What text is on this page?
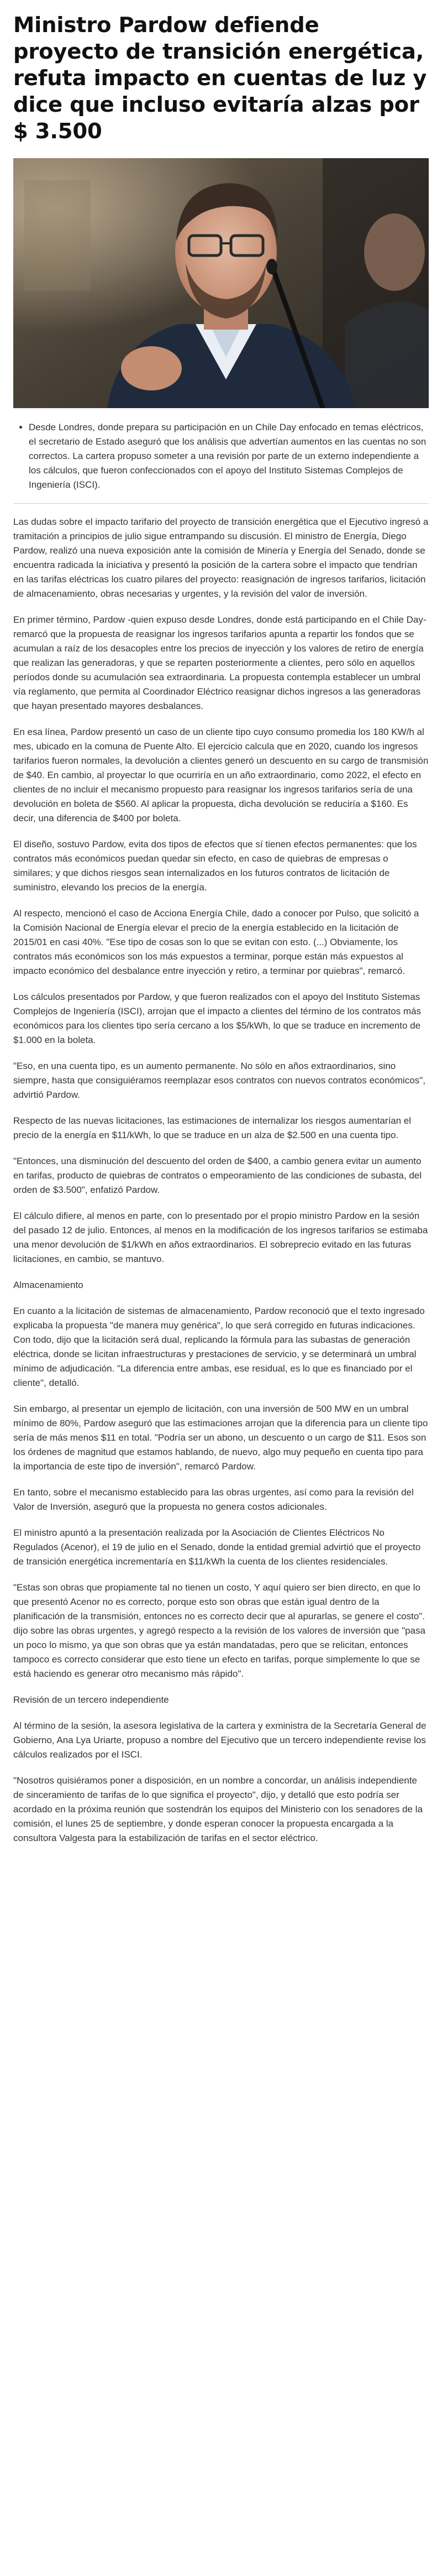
Ministro Pardow defiende proyecto de transición energética, refuta impacto en cuentas de luz y dice que incluso evitaría alzas por $ 3.500
• Desde Londres, donde prepara su participación en un Chile Day enfocado en temas eléctricos, el secretario de Estado aseguró que los análisis que advertían aumentos en las cuentas no son correctos. La cartera propuso someter a una revisión por parte de un externo independiente a los cálculos, que fueron confeccionados con el apoyo del Instituto Sistemas Complejos de Ingeniería (ISCI).

Las dudas sobre el impacto tarifario del proyecto de transición energética que el Ejecutivo ingresó a tramitación a principios de julio sigue entrampando su discusión. El ministro de Energía, Diego Pardow, realizó una nueva exposición ante la comisión de Minería y Energía del Senado, donde se encuentra radicada la iniciativa y presentó la posición de la cartera sobre el impacto que tendrían en las tarifas eléctricas los cuatro pilares del proyecto: reasignación de ingresos tarifarios, licitación de almacenamiento, obras necesarias y urgentes, y la revisión del valor de inversión.

En primer término, Pardow -quien expuso desde Londres, donde está participando en el Chile Day- remarcó que la propuesta de reasignar los ingresos tarifarios apunta a repartir los fondos que se acumulan a raíz de los desacoples entre los precios de inyección y los valores de retiro de energía que realizan las generadoras, y que se reparten posteriormente a clientes, pero sólo en aquellos períodos donde su acumulación sea extraordinaria. La propuesta contempla establecer un umbral vía reglamento, que permita al Coordinador Eléctrico reasignar dichos ingresos a las generadoras que hayan presentado mayores desbalances.

En esa línea, Pardow presentó un caso de un cliente tipo cuyo consumo promedia los 180 KW/h al mes, ubicado en la comuna de Puente Alto. El ejercicio calcula que en 2020, cuando los ingresos tarifarios fueron normales, la devolución a clientes generó un descuento en su cargo de transmisión de $40. En cambio, al proyectar lo que ocurriría en un año extraordinario, como 2022, el efecto en clientes de no incluir el mecanismo propuesto para reasignar los ingresos tarifarios sería de una devolución en boleta de $560. Al aplicar la propuesta, dicha devolución se reduciría a $160. Es decir, una diferencia de $400 por boleta.

El diseño, sostuvo Pardow, evita dos tipos de efectos que sí tienen efectos permanentes: que los contratos más económicos puedan quedar sin efecto, en caso de quiebras de empresas o similares; y que dichos riesgos sean internalizados en los futuros contratos de licitación de suministro, elevando los precios de la energía.

Al respecto, mencionó el caso de Acciona Energía Chile, dado a conocer por Pulso, que solicitó a la Comisión Nacional de Energía elevar el precio de la energía establecido en la licitación de 2015/01 en casi 40%. "Ese tipo de cosas son lo que se evitan con esto. (...) Obviamente, los contratos más económicos son los más expuestos a terminar, porque están más expuestos al impacto económico del desbalance entre inyección y retiro, a terminar por quiebras", remarcó.

Los cálculos presentados por Pardow, y que fueron realizados con el apoyo del Instituto Sistemas Complejos de Ingeniería (ISCI), arrojan que el impacto a clientes del término de los contratos más económicos para los clientes tipo sería cercano a los $5/kWh, lo que se traduce en incremento de $1.000 en la boleta.

"Eso, en una cuenta tipo, es un aumento permanente. No sólo en años extraordinarios, sino siempre, hasta que consiguiéramos reemplazar esos contratos con nuevos contratos económicos", advirtió Pardow.

Respecto de las nuevas licitaciones, las estimaciones de internalizar los riesgos aumentarían el precio de la energía en $11/kWh, lo que se traduce en un alza de $2.500 en una cuenta tipo.

"Entonces, una disminución del descuento del orden de $400, a cambio genera evitar un aumento en tarifas, producto de quiebras de contratos o empeoramiento de las condiciones de subasta, del orden de $3.500", enfatizó Pardow.

El cálculo difiere, al menos en parte, con lo presentado por el propio ministro Pardow en la sesión del pasado 12 de julio. Entonces, al menos en la modificación de los ingresos tarifarios se estimaba una menor devolución de $1/kWh en años extraordinarios. El sobreprecio evitado en las futuras licitaciones, en cambio, se mantuvo.

Almacenamiento

En cuanto a la licitación de sistemas de almacenamiento, Pardow reconoció que el texto ingresado explicaba la propuesta "de manera muy genérica", lo que será corregido en futuras indicaciones. Con todo, dijo que la licitación será dual, replicando la fórmula para las subastas de generación eléctrica, donde se licitan infraestructuras y prestaciones de servicio, y se determinará un umbral mínimo de adjudicación. "La diferencia entre ambas, ese residual, es lo que es financiado por el cliente", detalló.

Sin embargo, al presentar un ejemplo de licitación, con una inversión de 500 MW en un umbral mínimo de 80%, Pardow aseguró que las estimaciones arrojan que la diferencia para un cliente tipo sería de más menos $11 en total. "Podría ser un abono, un descuento o un cargo de $11. Esos son los órdenes de magnitud que estamos hablando, de nuevo, algo muy pequeño en cuenta tipo para la importancia de este tipo de inversión", remarcó Pardow.

En tanto, sobre el mecanismo establecido para las obras urgentes, así como para la revisión del Valor de Inversión, aseguró que la propuesta no genera costos adicionales.

El ministro apuntó a la presentación realizada por la Asociación de Clientes Eléctricos No Regulados (Acenor), el 19 de julio en el Senado, donde la entidad gremial advirtió que el proyecto de transición energética incrementaría en $11/kWh la cuenta de los clientes residenciales.

"Estas son obras que propiamente tal no tienen un costo, Y aquí quiero ser bien directo, en que lo que presentó Acenor no es correcto, porque esto son obras que están igual dentro de la planificación de la transmisión, entonces no es correcto decir que al apurarlas, se genere el costo". dijo sobre las obras urgentes, y agregó respecto a la revisión de los valores de inversión que "pasa un poco lo mismo, ya que son obras que ya están mandatadas, pero que se relicitan, entonces tampoco es correcto considerar que esto tiene un efecto en tarifas, porque simplemente lo que se está haciendo es generar otro mecanismo más rápido".

Revisión de un tercero independiente

Al término de la sesión, la asesora legislativa de la cartera y exministra de la Secretaría General de Gobierno, Ana Lya Uriarte, propuso a nombre del Ejecutivo que un tercero independiente revise los cálculos realizados por el ISCI.

"Nosotros quisiéramos poner a disposición, en un nombre a concordar, un análisis independiente de sinceramiento de tarifas de lo que significa el proyecto", dijo, y detalló que esto podría ser acordado en la próxima reunión que sostendrán los equipos del Ministerio con los senadores de la comisión, el lunes 25 de septiembre, y donde esperan conocer la propuesta encargada a la consultora Valgesta para la estabilización de tarifas en el sector eléctrico.
